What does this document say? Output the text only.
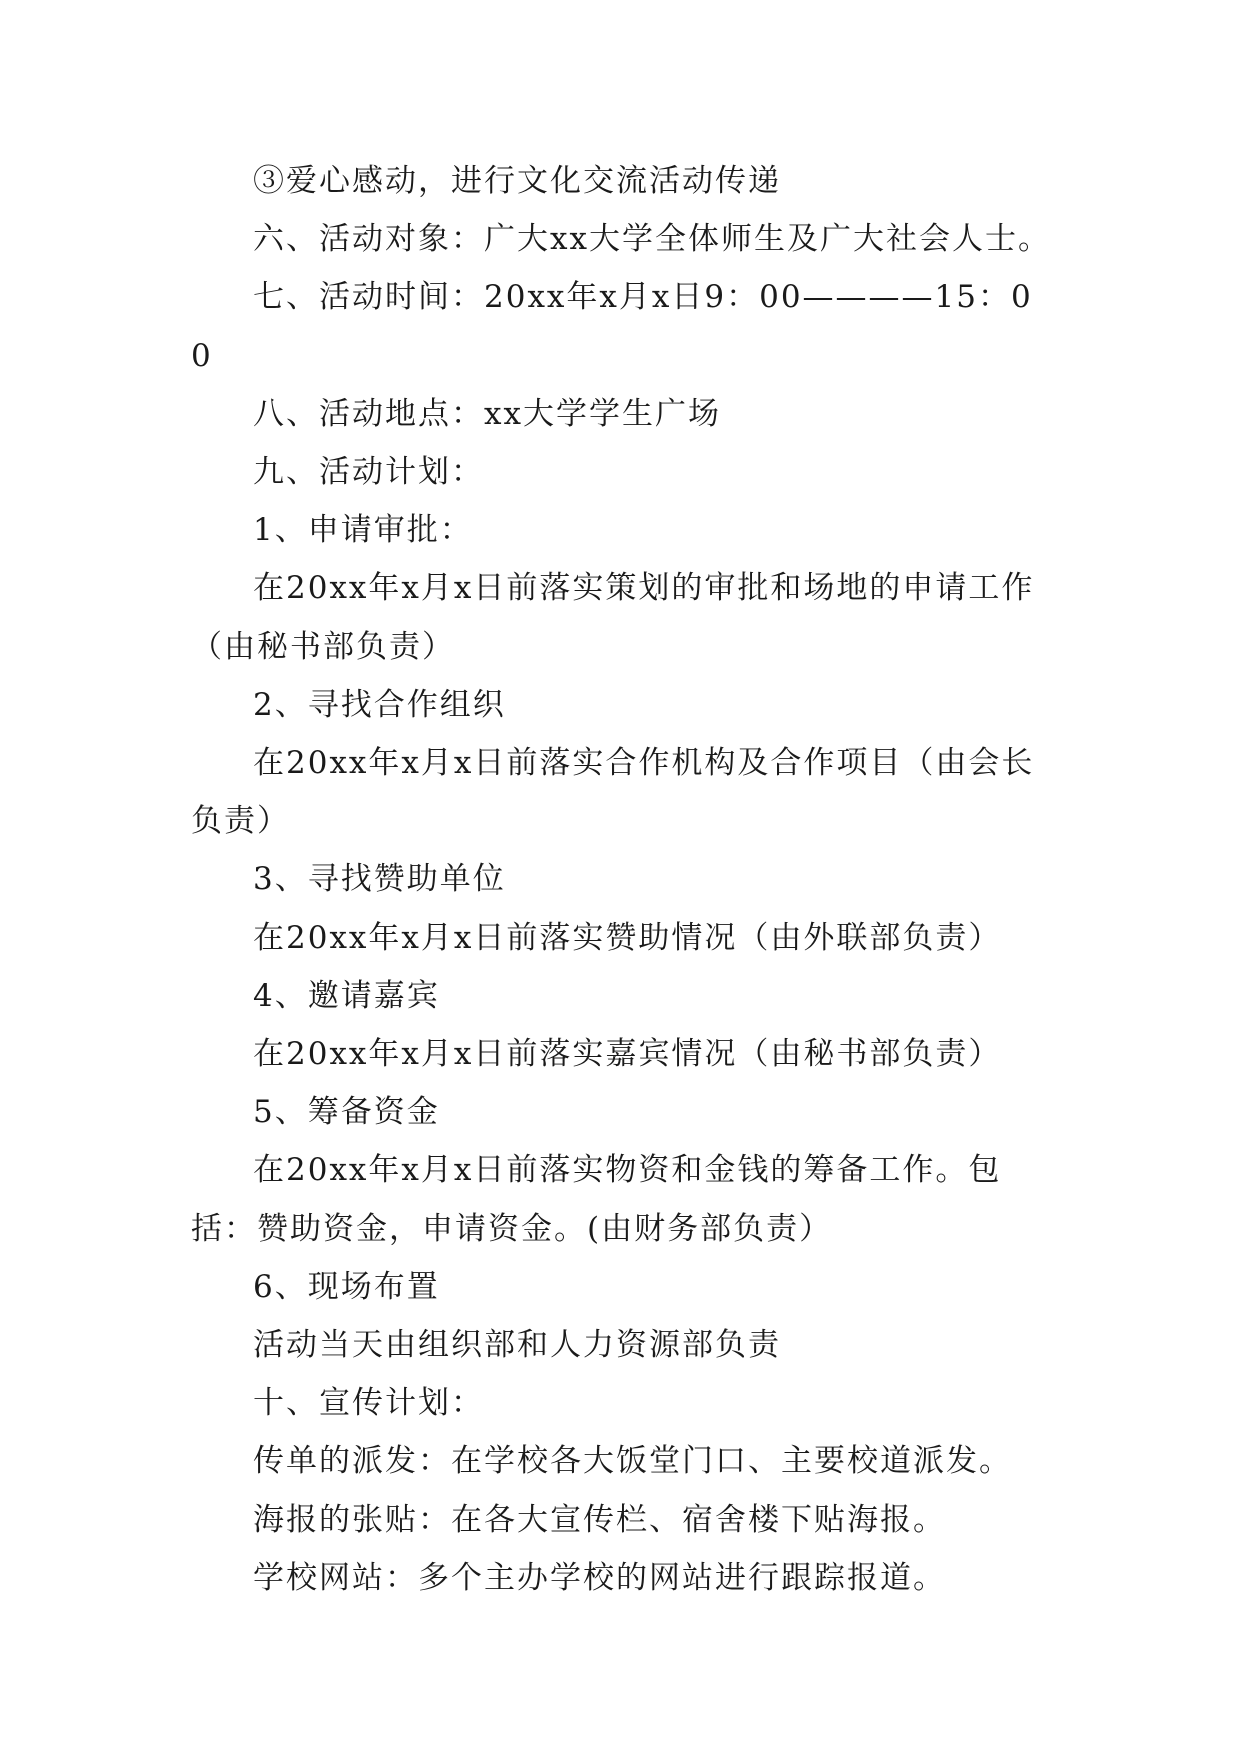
③爱心感动，进行文化交流活动传递

六、活动对象：广大xx大学全体师生及广大社会人士。

七、活动时间：20xx年x月x日9：00————15：00

八、活动地点：xx大学学生广场

九、活动计划：

1、申请审批：

在20xx年x月x日前落实策划的审批和场地的申请工作（由秘书部负责）

2、寻找合作组织

在20xx年x月x日前落实合作机构及合作项目（由会长负责）

3、寻找赞助单位

在20xx年x月x日前落实赞助情况（由外联部负责）

4、邀请嘉宾

在20xx年x月x日前落实嘉宾情况（由秘书部负责）

5、筹备资金

在20xx年x月x日前落实物资和金钱的筹备工作。包括：赞助资金，申请资金。(由财务部负责）

6、现场布置

活动当天由组织部和人力资源部负责

十、宣传计划：

传单的派发：在学校各大饭堂门口、主要校道派发。

海报的张贴：在各大宣传栏、宿舍楼下贴海报。

学校网站：多个主办学校的网站进行跟踪报道。
